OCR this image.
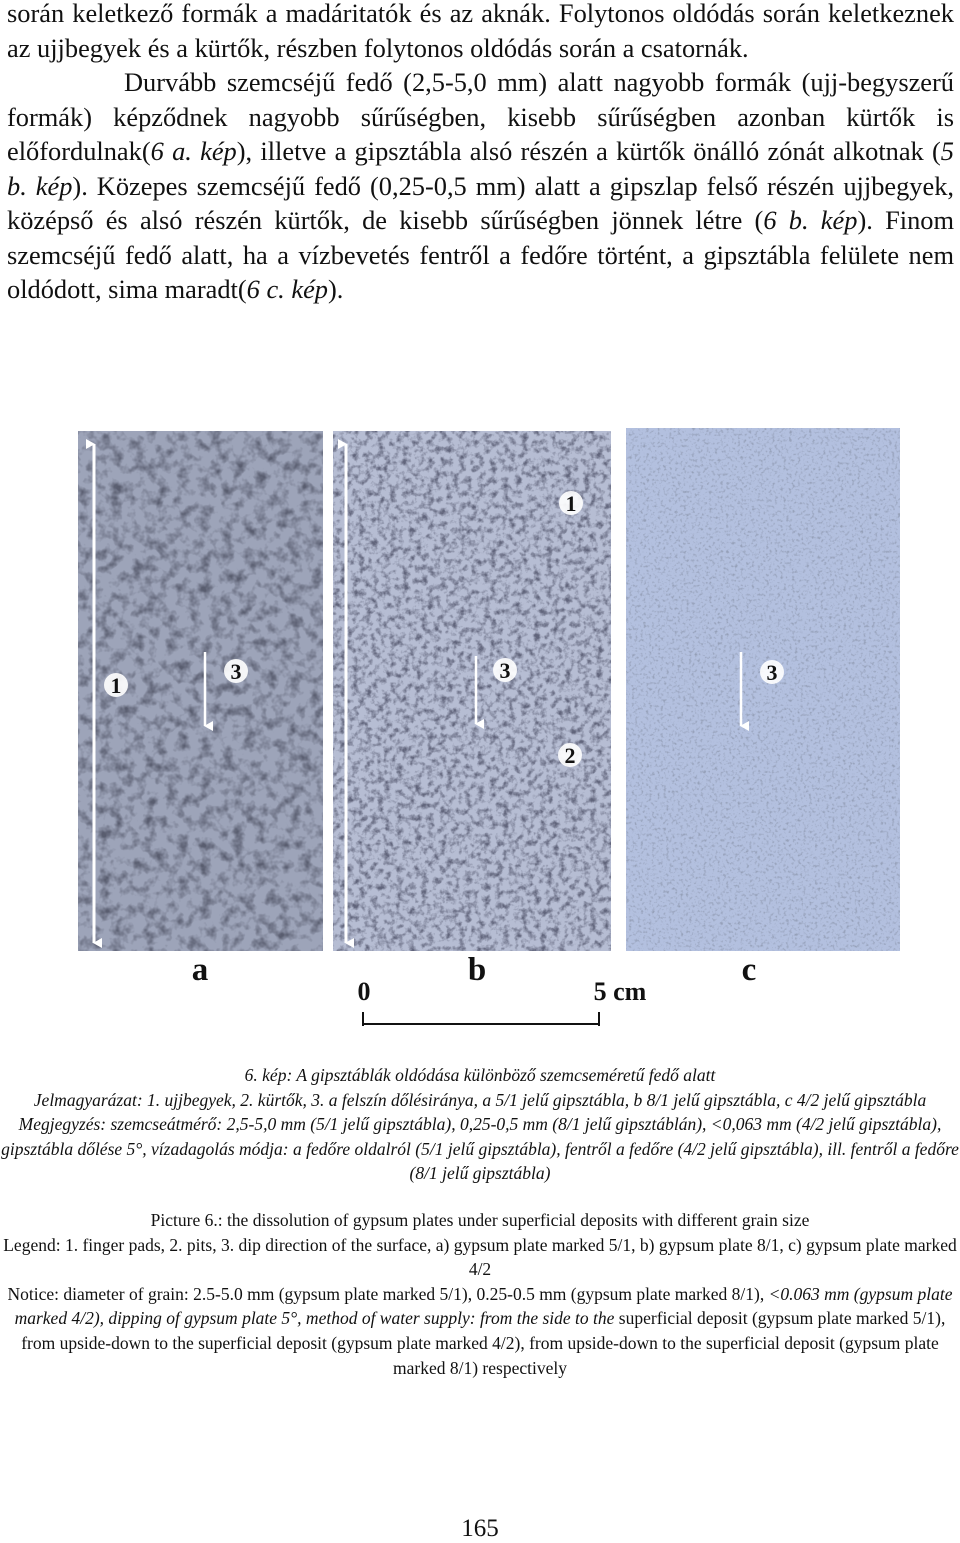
során keletkező formák a madáritatók és az aknák. Folytonos oldódás során keletkeznek az ujjbegyek és a kürtők, részben folytonos oldódás során a csatornák.

Durvább szemcséjű fedő (2,5-5,0 mm) alatt nagyobb formák (ujj-begyszerű formák) képződnek nagyobb sűrűségben, kisebb sűrűségben azonban kürtők is előfordulnak(6 a. kép), illetve a gipsztábla alsó részén a kürtők önálló zónát alkotnak (5 b. kép). Közepes szemcséjű fedő (0,25-0,5 mm) alatt a gipszlap felső részén ujjbegyek, középső és alsó részén kürtők, de kisebb sűrűségben jönnek létre (6 b. kép). Finom szemcséjű fedő alatt, ha a vízbevetés fentről a fedőre történt, a gipsztábla felülete nem oldódott, sima maradt(6 c. kép).

1
3
1
3
2
3
a	b	c
0	5 cm

6. kép: A gipsztáblák oldódása különböző szemcseméretű fedő alatt

Jelmagyarázat: 1. ujjbegyek, 2. kürtők, 3. a felszín dőlésiránya, a 5/1 jelű gipsztábla, b 8/1 jelű gipsztábla, c 4/2 jelű gipsztábla

Megjegyzés: szemcseátmérő: 2,5-5,0 mm (5/1 jelű gipsztábla), 0,25-0,5 mm (8/1 jelű gipsztáblán), <0,063 mm (4/2 jelű gipsztábla), gipsztábla dőlése 5°, vízadagolás módja: a fedőre oldalról (5/1 jelű gipsztábla), fentről a fedőre (4/2 jelű gipsztábla), ill. fentről a fedőre (8/1 jelű gipsztábla)

Picture 6.: the dissolution of gypsum plates under superficial deposits with different grain size

Legend: 1. finger pads, 2. pits, 3. dip direction of the surface, a) gypsum plate marked 5/1, b) gypsum plate 8/1, c) gypsum plate marked 4/2

Notice: diameter of grain: 2.5-5.0 mm (gypsum plate marked 5/1), 0.25-0.5 mm (gypsum plate marked 8/1), <0.063 mm (gypsum plate marked 4/2), dipping of gypsum plate 5°, method of water supply: from the side to the superficial deposit (gypsum plate marked 5/1), from upside-down to the superficial deposit (gypsum plate marked 4/2), from upside-down to the superficial deposit (gypsum plate marked 8/1) respectively

165
